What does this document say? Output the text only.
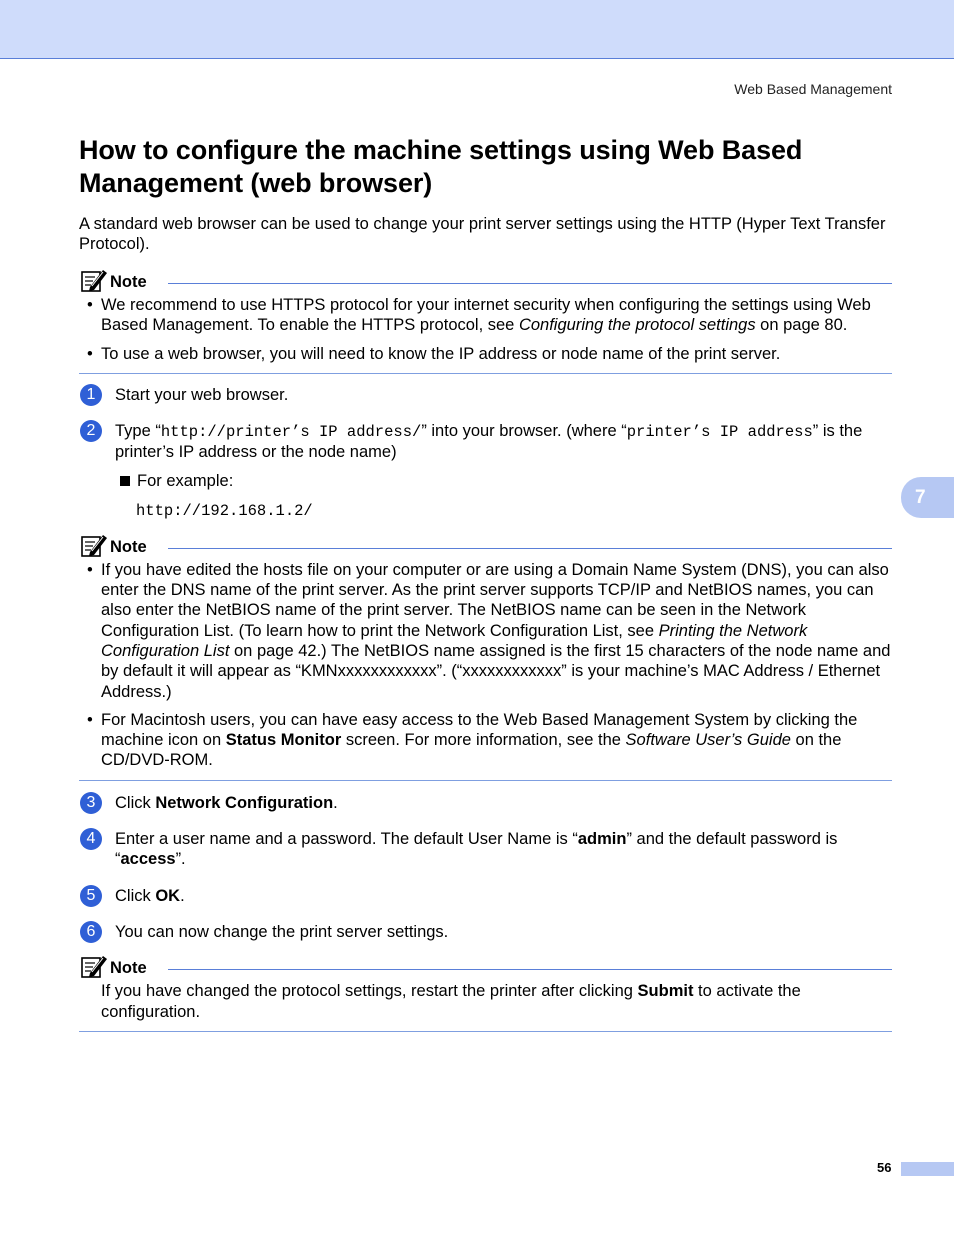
Web Based Management
7
How to configure the machine settings using Web Based Management (web browser)

A standard web browser can be used to change your print server settings using the HTTP (Hyper Text Transfer Protocol).

Note
• We recommend to use HTTPS protocol for your internet security when configuring the settings using Web Based Management. To enable the HTTPS protocol, see Configuring the protocol settings on page 80.
• To use a web browser, you will need to know the IP address or node name of the print server.
1	Start your web browser.
2	Type “http://printer’s IP address/” into your browser. (where “printer’s IP address” is the printer’s IP address or the node name)
For example:
http://192.168.1.2/
Note
• If you have edited the hosts file on your computer or are using a Domain Name System (DNS), you can also enter the DNS name of the print server. As the print server supports TCP/IP and NetBIOS names, you can also enter the NetBIOS name of the print server. The NetBIOS name can be seen in the Network Configuration List. (To learn how to print the Network Configuration List, see Printing the Network Configuration List on page 42.) The NetBIOS name assigned is the first 15 characters of the node name and by default it will appear as “KMNxxxxxxxxxxxx”. (“xxxxxxxxxxxx” is your machine’s MAC Address / Ethernet Address.)
• For Macintosh users, you can have easy access to the Web Based Management System by clicking the machine icon on Status Monitor screen. For more information, see the Software User’s Guide on the CD/DVD-ROM.
3	Click Network Configuration.
4	Enter a user name and a password. The default User Name is “admin” and the default password is “access”.
5	Click OK.
6	You can now change the print server settings.
Note

If you have changed the protocol settings, restart the printer after clicking Submit to activate the configuration.

56
